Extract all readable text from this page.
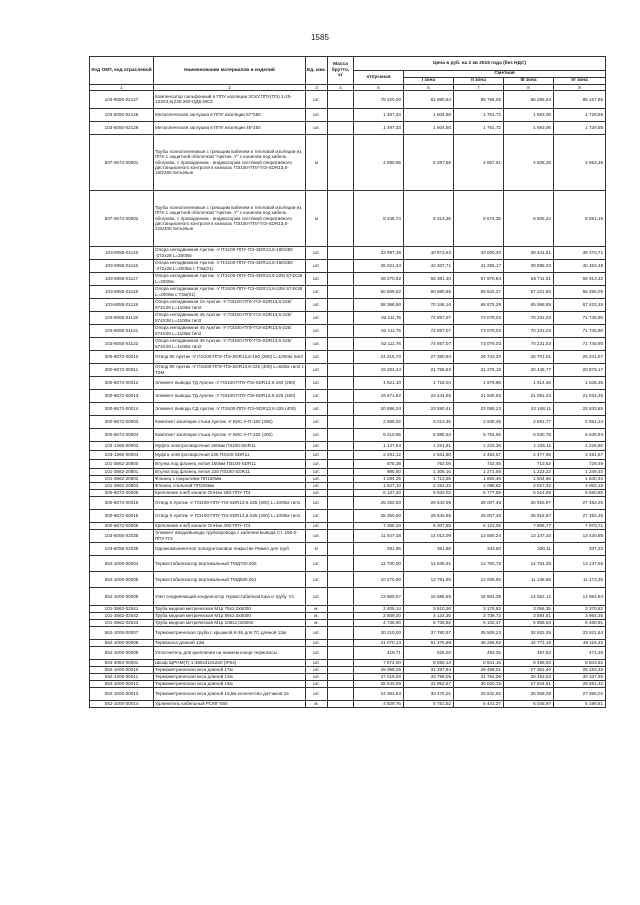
1585
Код ОКП, код отраслевой	Наименование материалов и изделий	Ед. изм.	Масса брутто, кг	Цена в руб. на 2 кв 2015 года (без НДС)				
				отпускная	Сметная			
					I зона	II зона	III зона	IV зона

1	2	3	4	5	6	7	8	9
103-8050-02127	Компенсатор сильфонный в ППУ изоляции 2СКУ.ППУ(ПЭ).1-25-133Х4,5(225-260-ОДК-МСЗ	шт.		78 320,00	81 980,84	89 796,06	86 296,54	88 157,96
103-8050-02128	Металлическая заглушка в ППУ изоляции 57*250	шт.		1 497,33	1 604,58	1 761,72	1 693,06	1 729,58
103-8050-02129	Металлическая заглушка в ППУ изоляции 45*250	шт.		1 497,33	1 604,58	1 761,72	1 693,06	1 729,58
507-0672-00001	Трубы полиэтиленовые с греющим кабелем в тепловой изоляции из ППУ с защитной оболочкой "Арктик- У" с каналом под кабель обогрева, с проводником - индикатором системой оперативного дистанционного контроля в каналах ПЭ100-ППУ-ПЭ-SDR13,6-160/280 питьевые	м		4 690,96	5 287,59	4 867,51	4 628,26	4 654,38
507-0672-00002	Трубы полиэтиленовые с греющим кабелем в тепловой изоляции из ППУ с защитной оболочкой "Арктик- У" с каналом под кабель обогрева, с проводником - индикатором системой оперативного дистанционного контроля в каналах ПЭ100-ППУ-ПЭ-SDR13,6-225/400 питьевые	м		8 245,74	9 314,35	8 574,35	8 505,22	8 551,18
103-8055-01115	Опора неподвижная Арктик -У ПЭ100-ППУ-ПЭ-SDR13,6-160/280 -372x28 L=2000м	шт.		33 997,38	40 873,63	40 000,40	39 441,51	39 270,71
103-8055-01116	Опора неподвижная Арктик -У ПЭ100-ППУ-ПЭ-SDR13,6-160/280 -372x28 L=2000м с ТЗм(01)	шт.		35 021,34	42 207,71	41 265,17	39 598,33	40 453,49
103-8055-01117	Опора неподвижная Арктик -У ПЭ100-ППУ-ПЭ-SDR13,6-225/ 574X28 L=2000м	шт.		49 270,92	56 381,30	57 970,84	55 711,51	56 913,32
103-8055-01118	Опора неподвижная Арктик -У ПЭ100-ППУ-ПЭ-SDR13,6-225/ 574X28 L=2000м с ТЗм(01)	шт.		50 606,52	60 990,96	59 542,27	57 221,80	58 456,09
103-8055-01119	Опора неподвижная 15 Арктик -У ПЭ100-ППУ-ПЭ-SDR13,6-225/ 574X28 L=1100м тип2	шт.		58 368,90	70 346,16	68 675,28	65 998,85	67 422,48
103-8055-01120	Опора неподвижная 45 Арктик -У ПЭ100-ППУ-ПЭ-SDR13,6-225/ 574X28 L=1100м тип2	шт.		62 111,76	74 857,07	73 079,03	70 231,03	71 745,90
103-8055-01121	Опора неподвижная 45 Арктик -У ПЭ100-ППУ-ПЭ-SDR13,6-225/ 574X28 L=1100м тип2	шт.		62 111,76	74 857,07	73 079,03	70 231,03	71 745,90
103-8055-01122	Опора неподвижная 45 Арктик -У ПЭ100-ППУ-ПЭ-SDR13,6-225/ 574X28 L=1100м тип2	шт.		62 111,76	74 857,07	73 079,03	70 231,03	71 745,90
300-8672-00010	Отвод 90 Арктик -У ПЭ100-ППУ-ПЭ-SDR13,6-160 (280) L=1000м тип3	шт.		24 215,70	27 350,94	26 743,20	25 701,01	26 241,67
300-8672-00011	Отвод 90 Арктик -У ПЭ100-ППУ-ПЭ-SDR13,6-225 (400) L=620м тип2 с ТЗМ	шт.		19 264,44	21 758,63	21 275,18	20 446,77	20 878,17
300-8672-00012	Элемент вывода ТД Арктик -У ПЭ100-ППУ-ПЭ-SDR13,6-160 (280)	шт.		1 521,10	1 718,04	1 679,86	1 614,46	1 648,35
300-8672-00013	Элемент вывода ТД Арктик -У ПЭ100-ППУ-ПЭ-SDR13,6-225 (400)	шт.		19 671,82	22 444,65	21 945,93	21 091,43	21 534,36
300-8672-00014	Элемент вывода СД Арктик -У ПЭ100-ППУ-ПЭ-SDR13,6-225 (400)	шт.		20 886,24	23 590,41	23 065,23	22 168,11	22 633,65
300-8672-00003	Комплект изоляции стыка Арктик -У КИС-У-П-160 (280)	шт.		2 666,02	3 013,45	2 946,49	2 831,77	2 891,24
300-8672-00004	Комплект изоляции стыка Арктик -У КИС-У-П-225 (400)	шт.		5 210,96	5 885,63	5 754,65	5 530,78	5 646,93
103-1365-00003	Муфта электросварочная 160мм П3100-SDR11	шт.		1 127,84	1 251,81	1 233,38	1 225,11	1 226,90
103-1365-00004	Муфта электросварочная 225 П3100-SDR11	шт.		2 281,12	2 531,80	2 494,57	2 477,86	2 481,57
101-3862-20800	Втулка под фланец литая 160мм П3100-SDR11	шт.		675,38	762,05	742,45	713,62	729,49
101-3862-20801	Втулка под фланец литая 225 П3100-SDR11	шт.		985,80	1 305,16	1 271,59	1 222,22	1 249,40
101-3862-20802	Фланец с покрытием ПП160мм	шт.		1 294,26	1 713,55	1 669,48	1 604,66	1 640,34
101-3862-20803	Фланец стальной ПП225мм	шт.		1 627,10	2 154,22	2 098,82	2 017,32	2 062,18
300-8673-00005	Крепление в ж/б канале ОпНан 280-ППУ-ПЭ	шт.		6 137,40	6 932,02	6 777,69	6 514,09	6 650,88
300-8672-00015	Отвод 5 Арктик -У ПЭ100-ППУ-ПЭ-SDR13,6-225 (400) L=1000м тип1	шт.		25 350,50	28 643,96	28 007,49	26 916,97	27 482,25
300-8672-00016	Отвод 5 Арктик -У ПЭ100-ППУ-ПЭ-SDR13,6-225 (400) L=1000м тип1	шт.		25 350,50	28 643,96	28 007,49	26 916,97	27 482,25
300-8672-00006	Крепление в ж/б канале ОпНан 400-ППУ-ПЭ	шт.		7 355,34	8 307,65	8 123,05	7 806,77	7 970,71
103-8055-02035	Элемент ввода/вывода трубопровода с кабелем вывода Ст. 159-2-ППУ-ПЭ	шт.		11 927,19	14 013,09	13 680,24	13 147,10	13 430,68
103-8055-02036	Однокомпонентное полиуретановое покрытие Римол для труб	кг		291,95	351,86	343,50	330,11	337,23
552-1000-00004	Термостабилизатор вертикальный ТМД700.005	шт.		11 700,00	14 635,91	13 750,78	12 754,35	13 137,56
552-1000-00005	Термостабилизатор вертикальный ТМД500.001	шт.		10 270,90	12 781,90	12 008,90	11 138,69	11 473,35
552-1000-00006	Узел соединяющий конденсатор термостабилизатора и трубу т/з	шт.		13 969,57	16 685,65	15 691,35	14 552,12	14 984,84
101-3862-02541	Труба медная метрическая М1р 76x2,0x5000	м.		2 405,14	3 510,26	3 178,63	3 056,35	3 370,82
101-3862-02542	Труба медная метрическая М1р 89x2,0x5000	м.		2 809,20	4 124,35	3 739,73	3 594,51	3 964,35
101-3862-02543	Труба медная метрическая М1р 108x2,0x5000	м.		4 736,90	6 736,92	6 102,47	5 865,53	6 468,91
552-1000-00007	Термометрическая труба с крышкой К-36 для ТС длиной 13м	шт.		30 210,00	37 780,97	35 505,23	32 932,35	33 921,84
552-1000-00008	Термокоса длиной 13м	шт.		41 070,13	51 375,98	48 268,92	44 771,18	46 116,33
552-1000-00009	Уплотнитель для крепления на нижнем конце термокосы	шт.		419,71	525,03	493,25	457,53	471,28
503-4084-00001	Шкаф ЩРНМ(Т)-1-365x310x220 (IP54)	шт.		7 872,00	8 650,14	8 841,16	8 496,03	8 603,82
552-1000-00010	Термометрическая коса длиной 17м	шт.		25 099,25	31 397,84	29 499,01	27 361,40	28 183,48
552-1000-00011	Термометрическая коса длиной 12м	шт.		27 018,00	33 798,05	31 754,06	29 453,02	30 337,96
552-1000-00012	Термометрическая коса длиной 15м	шт.		25 543,00	31 952,57	30 020,19	27 844,81	28 681,42
552-1000-00013	Термометрическая коса длиной 15,5м количество датчиков 16	шт.		24 362,63	30 476,01	28 632,92	26 558,08	27 356,02
552-1000-00014	Удлинитель кабельный РСМГ-550	м.		4 829,76	5 751,52	5 441,27	5 046,97	5 198,61
